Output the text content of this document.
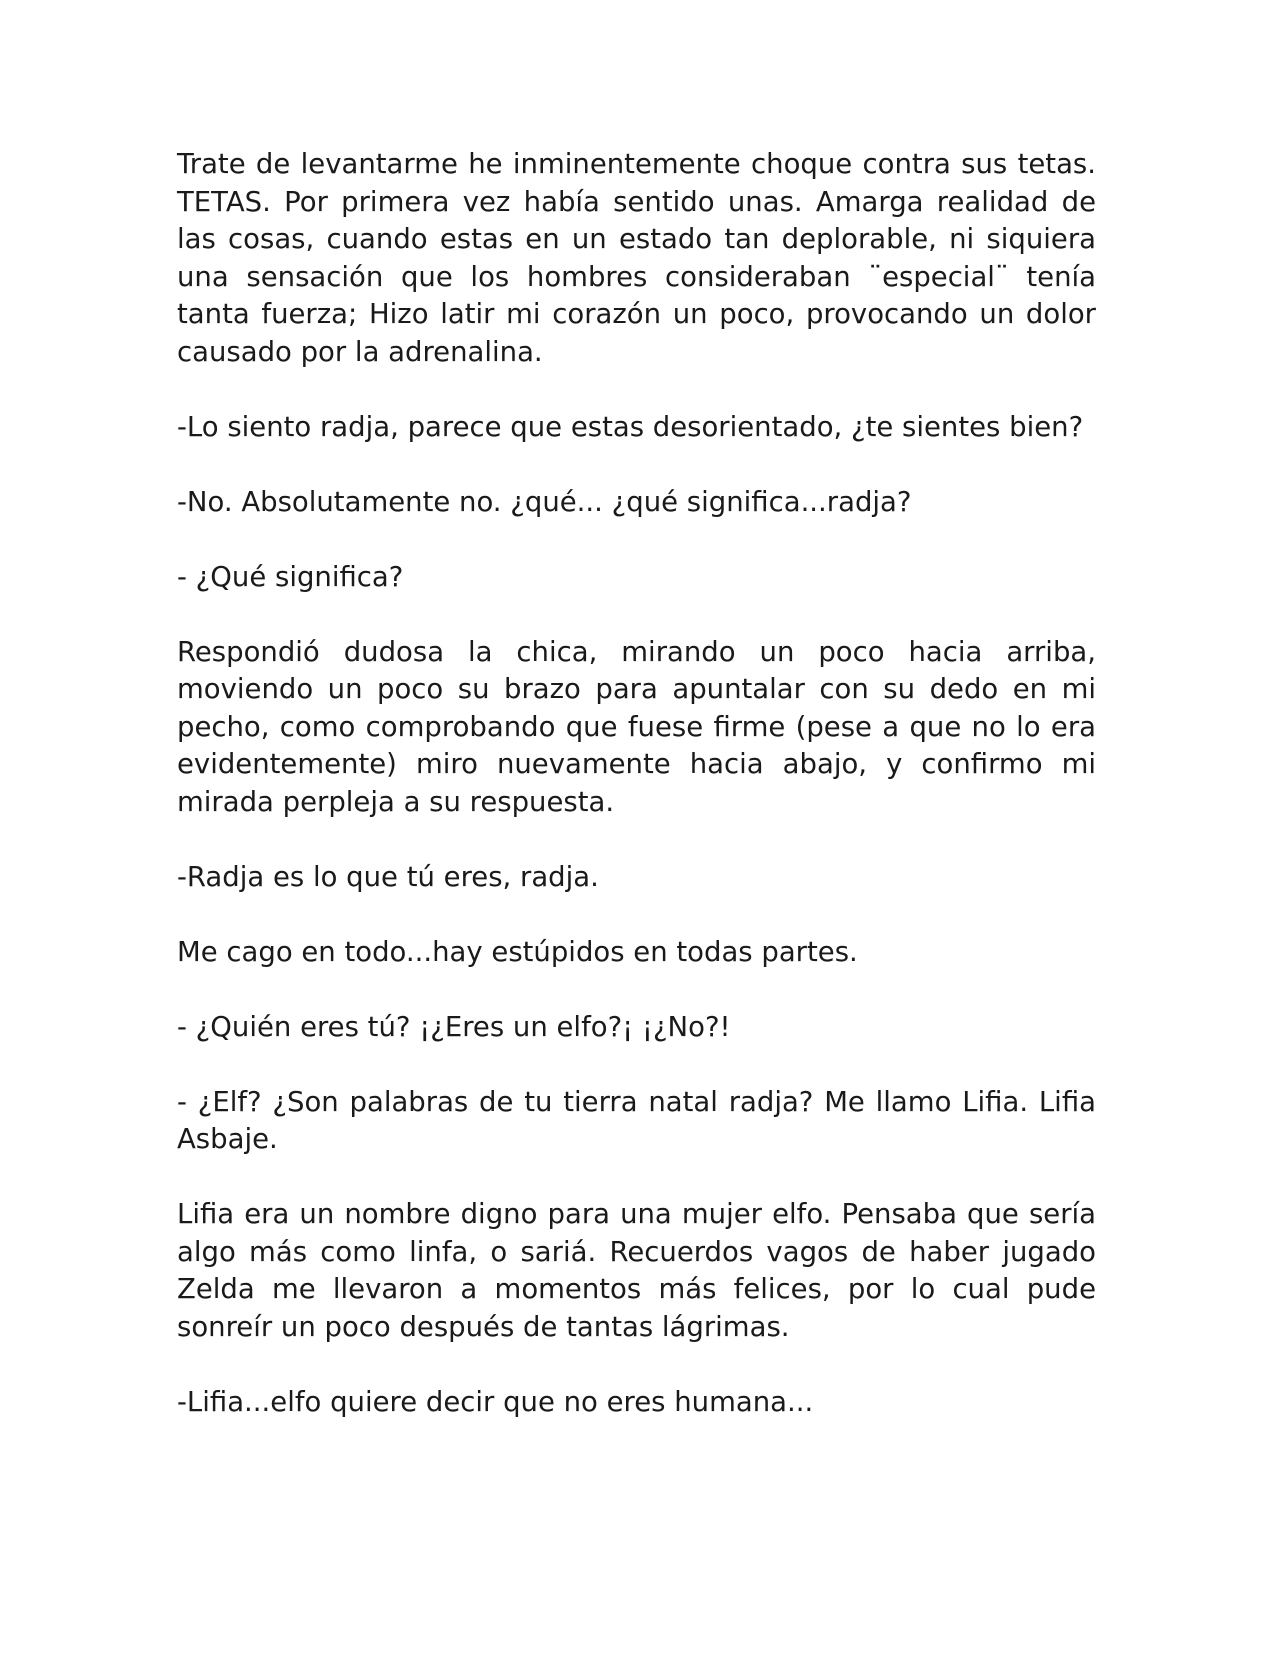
Trate de levantarme he inminentemente choque contra sus tetas. TETAS. Por primera vez había sentido unas. Amarga realidad de las cosas, cuando estas en un estado tan deplorable, ni siquiera una sensación que los hombres consideraban ¨especial¨ tenía tanta fuerza; Hizo latir mi corazón un poco, provocando un dolor causado por la adrenalina.

-Lo siento radja, parece que estas desorientado, ¿te sientes bien?

-No. Absolutamente no. ¿qué... ¿qué significa...radja?

- ¿Qué significa?

Respondió dudosa la chica, mirando un poco hacia arriba, moviendo un poco su brazo para apuntalar con su dedo en mi pecho, como comprobando que fuese firme (pese a que no lo era evidentemente) miro nuevamente hacia abajo, y confirmo mi mirada perpleja a su respuesta.

-Radja es lo que tú eres, radja.

Me cago en todo...hay estúpidos en todas partes.

- ¿Quién eres tú? ¡¿Eres un elfo?¡ ¡¿No?!

- ¿Elf? ¿Son palabras de tu tierra natal radja? Me llamo Lifia. Lifia Asbaje.

Lifia era un nombre digno para una mujer elfo. Pensaba que sería algo más como linfa, o sariá. Recuerdos vagos de haber jugado Zelda me llevaron a momentos más felices, por lo cual pude sonreír un poco después de tantas lágrimas.

-Lifia...elfo quiere decir que no eres humana...
